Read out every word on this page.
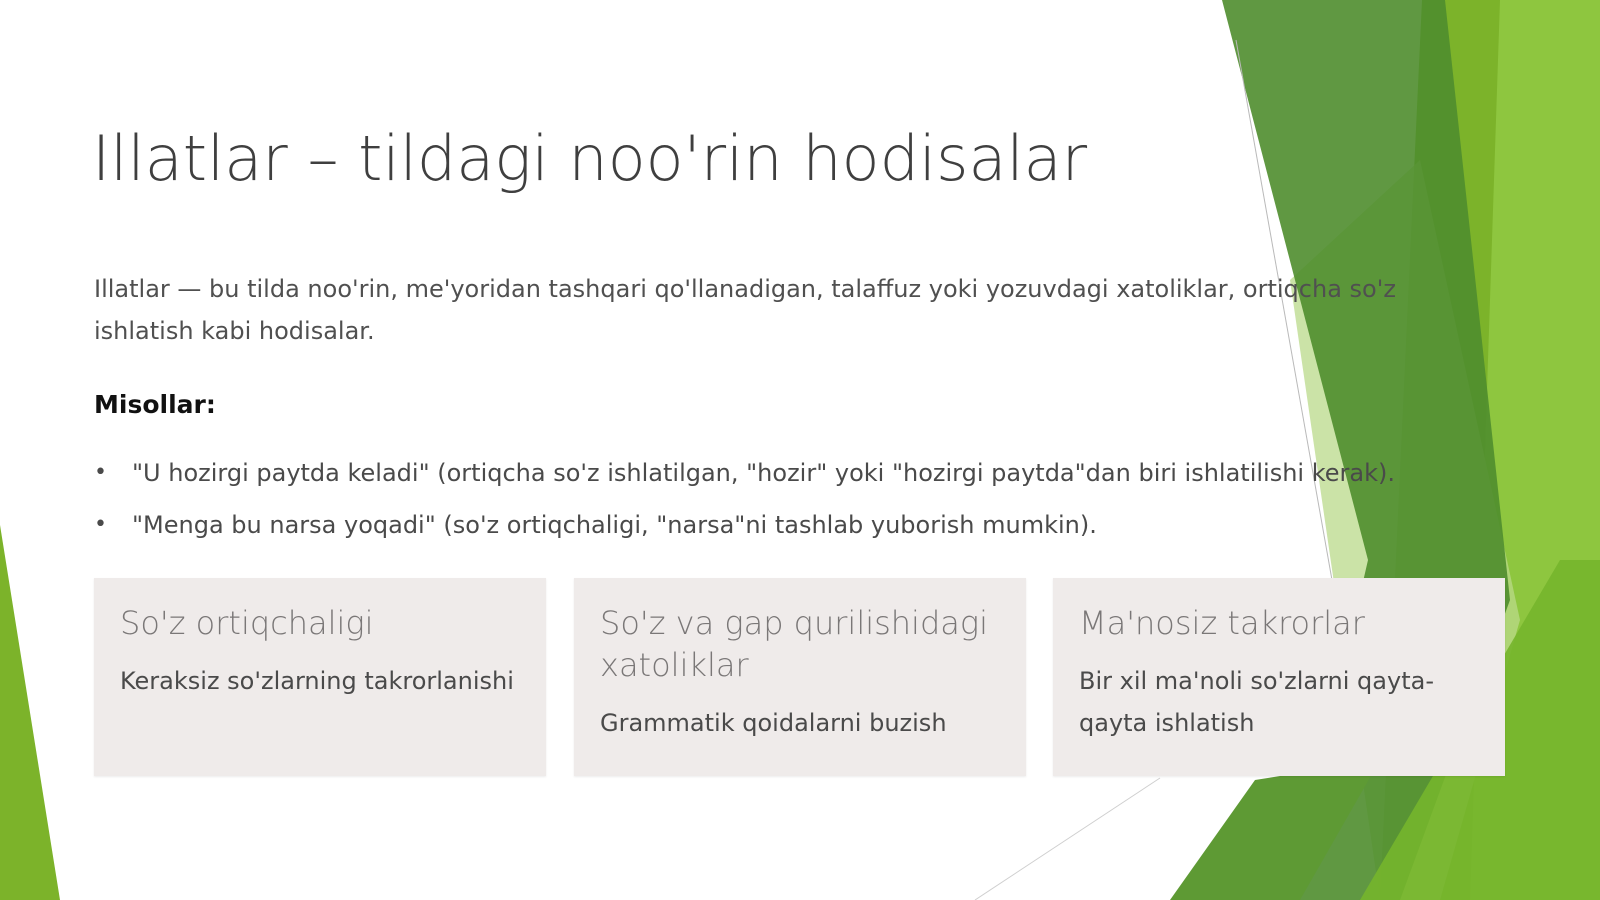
Illatlar – tildagi noo'rin hodisalar

Illatlar — bu tilda noo'rin, me'yoridan tashqari qo'llanadigan, talaffuz yoki yozuvdagi xatoliklar, ortiqcha so'z ishlatish kabi hodisalar.

Misollar:
• "U hozirgi paytda keladi" (ortiqcha so'z ishlatilgan, "hozir" yoki "hozirgi paytda"dan biri ishlatilishi kerak).
• "Menga bu narsa yoqadi" (so'z ortiqchaligi, "narsa"ni tashlab yuborish mumkin).
So'z ortiqchaligi

Keraksiz so'zlarning takrorlanishi

So'z va gap qurilishidagi xatoliklar

Grammatik qoidalarni buzish

Ma'nosiz takrorlar

Bir xil ma'noli so'zlarni qayta-qayta ishlatish
